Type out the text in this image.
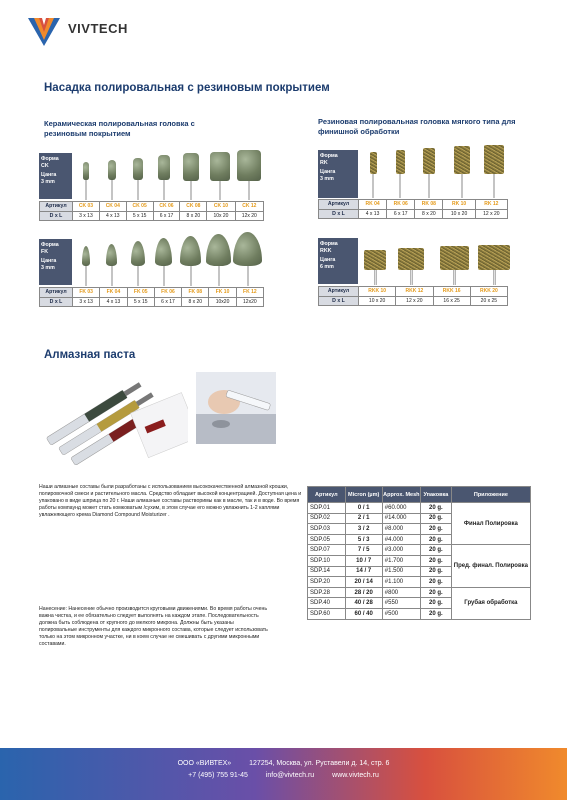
VIVTECH
Насадка полировальная с резиновым покрытием
Керамическая полировальная головка с резиновым покрытием
Резиновая полировальная головка мягкого типа для финишной обработки
Форма
CK
Цанга
3 mm
Артикул	CK 03	CK 04	CK 05	CK 06	CK 08	CK 10	CK 12
D x L	3 x 13	4 x 13	5 x 15	6 x 17	8 x 20	10x 20	12x 20
Форма
FK
Цанга
3 mm
Артикул	FK 03	FK 04	FK 05	FK 06	FK 08	FK 10	FK 12
D x L	3 x 13	4 x 13	5 x 15	6 x 17	8 x 20	10x20	12x20
Форма
RK
Цанга
3 mm
Артикул	RK 04	RK 06	RK 08	RK 10	RK 12
D x L	4 x 13	6 x 17	8 x 20	10 x 20	12 x 20
Форма
RKK
Цанга
6 mm
Артикул	RKK 10	RKK 12	RKK 16	RKK 20
D x L	10 x 20	12 x 20	16 x 25	20 x 25
Алмазная паста
Наши алмазные составы были разработаны с использованием высококачественной алмазной крошки, полировочной смеси и растительного масла. Средство обладает высокой концентрацией. Доступная цена и упаковано в виде шприца по 20 г. Наши алмазные составы растворимы как в масле, так и в воде. Во время работы компаунд может стать комковатым /сухим, в этом случае его можно увлажнить 1-2 каплями увлажняющего крема Diamond Compound Moisturizer .
Нанесение: Нанесение обычно производится круговыми движениями. Во время работы очень важна чистка, и ее обязательно следует выполнять на каждом этапе. Последовательность должна быть соблюдена от крупного до мелкого микрона. Должны быть указаны полировальные инструменты для каждого микронного состава, которые следует использовать только на этом микронном участке, ни в коем случае не смешивать с другими микронными составами.
Артикул	Micron (µm)	Approx. Mesh	Упаковка	Приложение
SDP.01	0 / 1	#60.000	20 g.	Финал Полировка
SDP.02	2 / 1	#14.000	20 g.	
SDP.03	3 / 2	#8.000	20 g.	
SDP.05	5 / 3	#4.000	20 g.	
SDP.07	7 / 5	#3.000	20 g.	Пред. финал. Полировка
SDP.10	10 / 7	#1.700	20 g.	
SDP.14	14 / 7	#1.500	20 g.	
SDP.20	20 / 14	#1.100	20 g.	
SDP.28	28 / 20	#800	20 g.	Грубая обработка
SDP.40	40 / 28	#550	20 g.	
SDP.60	60 / 40	#500	20 g.	
ООО «ВИВТЕХ»	127254, Москва, ул. Руставели д. 14, стр. 6
+7 (495) 755 91-45	info@vivtech.ru	www.vivtech.ru
